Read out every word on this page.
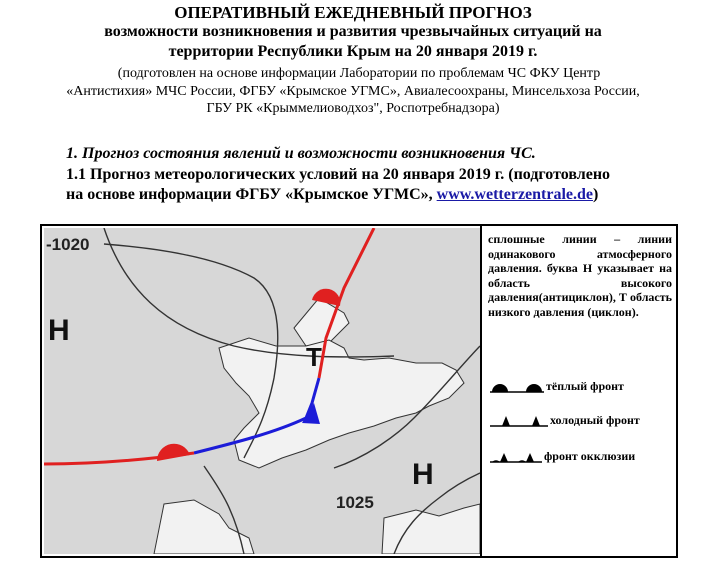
ОПЕРАТИВНЫЙ ЕЖЕДНЕВНЫЙ ПРОГНОЗ

возможности возникновения и развития чрезвычайных ситуаций на

территории Республики Крым на 20 января 2019 г.

(подготовлен на основе информации Лаборатории по проблемам ЧС ФКУ Центр

«Антистихия» МЧС России, ФГБУ «Крымское УГМС», Авиалесоохраны, Минсельхоза России,

ГБУ РК «Крыммелиоводхоз", Роспотребнадзора)

1. Прогноз состояния явлений и возможности возникновения ЧС.

1.1 Прогноз метеорологических условий на 20 января 2019 г. (подготовлено

на основе информации ФГБУ «Крымское УГМС», www.wetterzentrale.de)

-1020
1025
Н
Т
Н

сплошные линии – линии одинакового атмосферного давления. буква Н указывает на область высокого давления(антициклон), Т область низкого давления (циклон).

тёплый фронт
холодный фронт
фронт окклюзии
